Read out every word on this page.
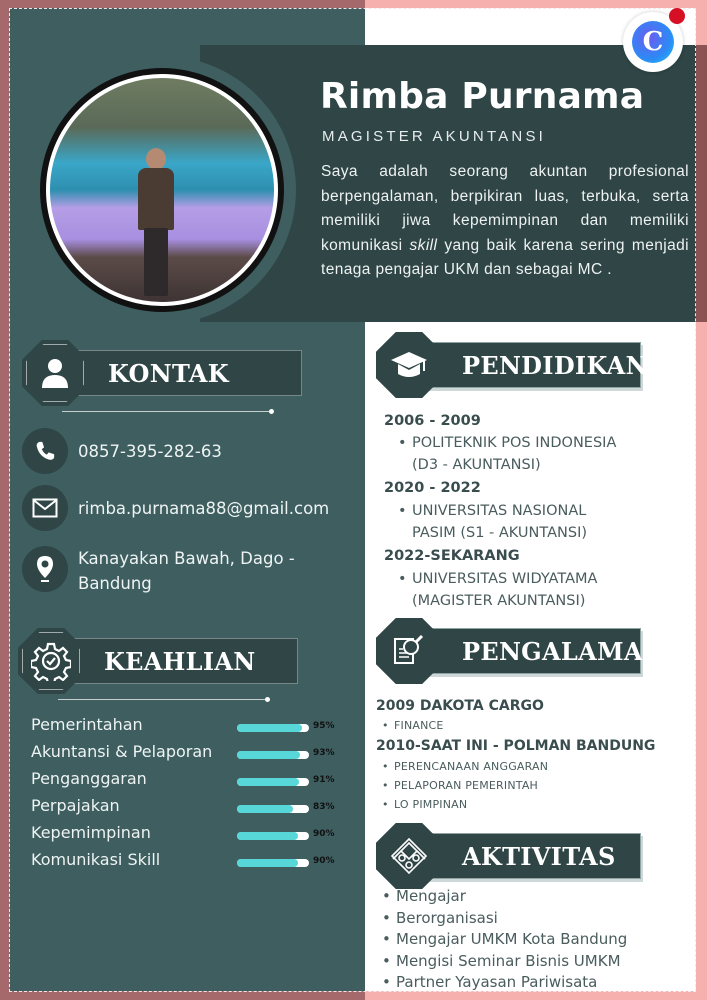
Rimba Purnama
MAGISTER AKUNTANSI
Saya adalah seorang akuntan profesional berpengalaman, berpikiran luas, terbuka, serta memiliki jiwa kepemimpinan dan memiliki komunikasi skill yang baik karena sering menjadi tenaga pengajar UKM dan sebagai MC .
KONTAK
0857-395-282-63
rimba.purnama88@gmail.com
Kanayakan Bawah, Dago -
Bandung
KEAHLIAN
Pemerintahan	95%
Akuntansi & Pelaporan	93%
Penganggaran	91%
Perpajakan	83%
Kepemimpinan	90%
Komunikasi Skill	90%
PENDIDIKAN
2006 - 2009
• POLITEKNIK POS INDONESIA
(D3 - AKUNTANSI)
2020 - 2022
• UNIVERSITAS NASIONAL
PASIM (S1 - AKUNTANSI)
2022-SEKARANG
• UNIVERSITAS WIDYATAMA
(MAGISTER AKUNTANSI)
PENGALAMAN
2009 DAKOTA CARGO
• FINANCE
2010-SAAT INI - POLMAN BANDUNG
• PERENCANAAN ANGGARAN
• PELAPORAN PEMERINTAH
• LO PIMPINAN
AKTIVITAS
• Mengajar
• Berorganisasi
• Mengajar UMKM Kota Bandung
• Mengisi Seminar Bisnis UMKM
• Partner Yayasan Pariwisata
C
